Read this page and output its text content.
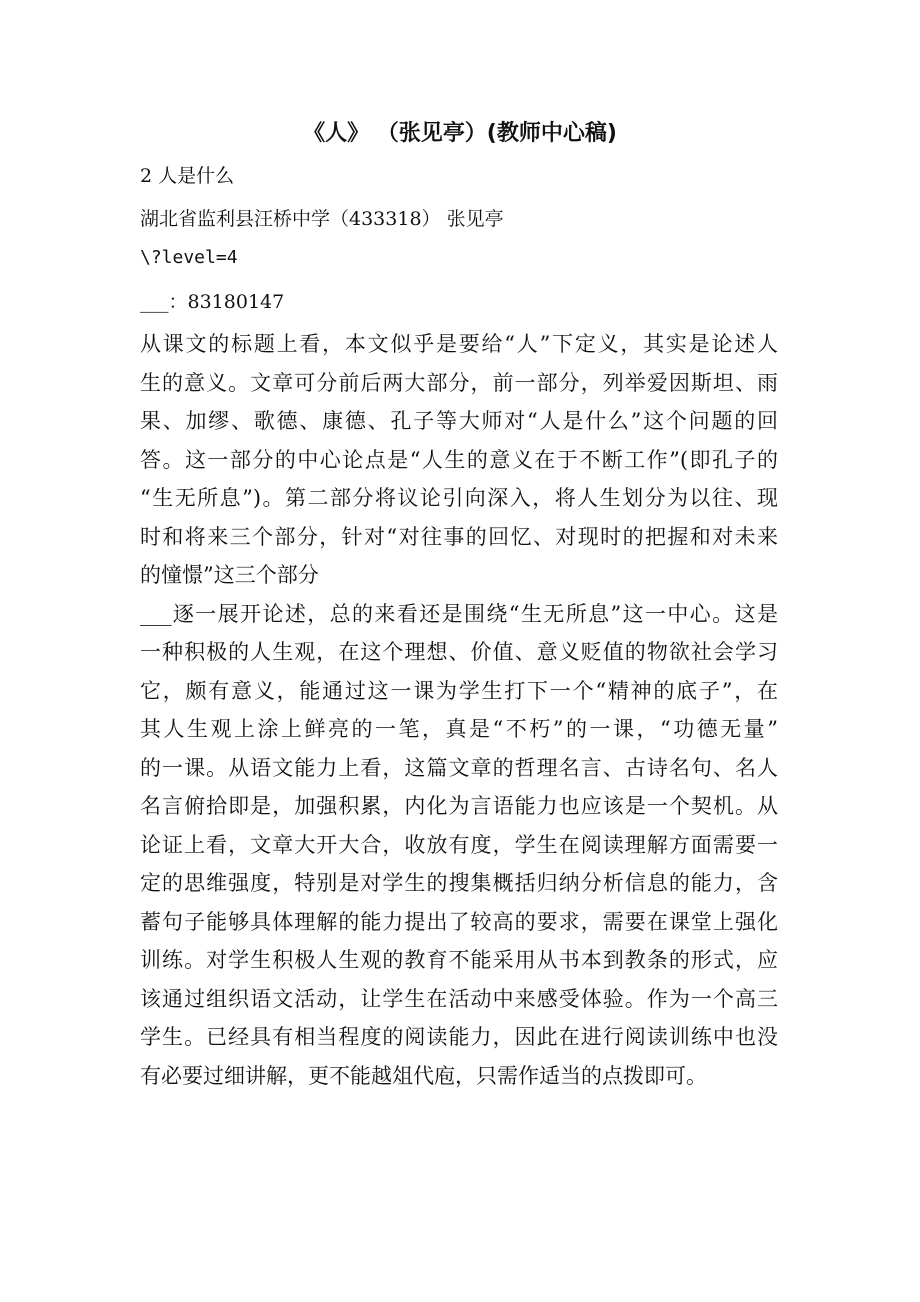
《人》 （张见亭）(教师中心稿)
2 人是什么
湖北省监利县汪桥中学（433318） 张见亭
\?level=4
___：83180147
从课文的标题上看，本文似乎是要给“人”下定义，其实是论述人
生的意义。文章可分前后两大部分，前一部分，列举爱因斯坦、雨
果、加缪、歌德、康德、孔子等大师对“人是什么”这个问题的回
答。这一部分的中心论点是“人生的意义在于不断工作”(即孔子的
“生无所息”)。第二部分将议论引向深入，将人生划分为以往、现
时和将来三个部分，针对“对往事的回忆、对现时的把握和对未来
的憧憬”这三个部分
___逐一展开论述，总的来看还是围绕“生无所息”这一中心。这是
一种积极的人生观，在这个理想、价值、意义贬值的物欲社会学习
它，颇有意义，能通过这一课为学生打下一个“精神的底子”，在
其人生观上涂上鲜亮的一笔，真是“不朽”的一课，“功德无量”
的一课。从语文能力上看，这篇文章的哲理名言、古诗名句、名人
名言俯拾即是，加强积累，内化为言语能力也应该是一个契机。从
论证上看，文章大开大合，收放有度，学生在阅读理解方面需要一
定的思维强度，特别是对学生的搜集概括归纳分析信息的能力，含
蓄句子能够具体理解的能力提出了较高的要求，需要在课堂上强化
训练。对学生积极人生观的教育不能采用从书本到教条的形式，应
该通过组织语文活动，让学生在活动中来感受体验。作为一个高三
学生。已经具有相当程度的阅读能力，因此在进行阅读训练中也没
有必要过细讲解，更不能越俎代庖，只需作适当的点拨即可。
